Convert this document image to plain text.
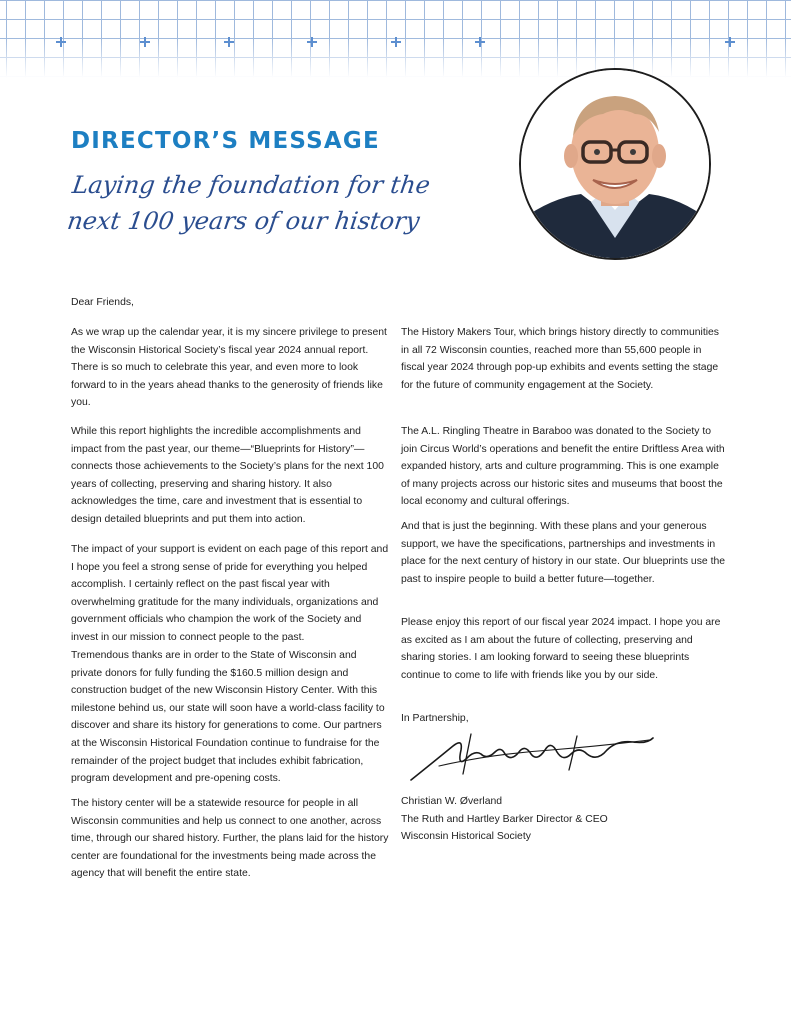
DIRECTOR’S MESSAGE

Laying the foundation for the next 100 years of our history

Dear Friends,

As we wrap up the calendar year, it is my sincere privilege to present the Wisconsin Historical Society’s fiscal year 2024 annual report. There is so much to celebrate this year, and even more to look forward to in the years ahead thanks to the generosity of friends like you.

While this report highlights the incredible accomplishments and impact from the past year, our theme—“Blueprints for History”—connects those achievements to the Society’s plans for the next 100 years of collecting, preserving and sharing history. It also acknowledges the time, care and investment that is essential to design detailed blueprints and put them into action.

The impact of your support is evident on each page of this report and I hope you feel a strong sense of pride for everything you helped accomplish. I certainly reflect on the past fiscal year with overwhelming gratitude for the many individuals, organizations and government officials who champion the work of the Society and invest in our mission to connect people to the past.

Tremendous thanks are in order to the State of Wisconsin and private donors for fully funding the $160.5 million design and construction budget of the new Wisconsin History Center. With this milestone behind us, our state will soon have a world-class facility to discover and share its history for generations to come. Our partners at the Wisconsin Historical Foundation continue to fundraise for the remainder of the project budget that includes exhibit fabrication, program development and pre-opening costs.

The history center will be a statewide resource for people in all Wisconsin communities and help us connect to one another, across time, through our shared history. Further, the plans laid for the history center are foundational for the investments being made across the agency that will benefit the entire state.

The History Makers Tour, which brings history directly to communities in all 72 Wisconsin counties, reached more than 55,600 people in fiscal year 2024 through pop-up exhibits and events setting the stage for the future of community engagement at the Society.

The A.L. Ringling Theatre in Baraboo was donated to the Society to join Circus World’s operations and benefit the entire Driftless Area with expanded history, arts and culture programming. This is one example of many projects across our historic sites and museums that boost the local economy and cultural offerings.

And that is just the beginning. With these plans and your generous support, we have the specifications, partnerships and investments in place for the next century of history in our state. Our blueprints use the past to inspire people to build a better future—together.

Please enjoy this report of our fiscal year 2024 impact. I hope you are as excited as I am about the future of collecting, preserving and sharing stories. I am looking forward to seeing these blueprints continue to come to life with friends like you by our side.

In Partnership,

Christian W. Øverland
The Ruth and Hartley Barker Director & CEO
Wisconsin Historical Society
